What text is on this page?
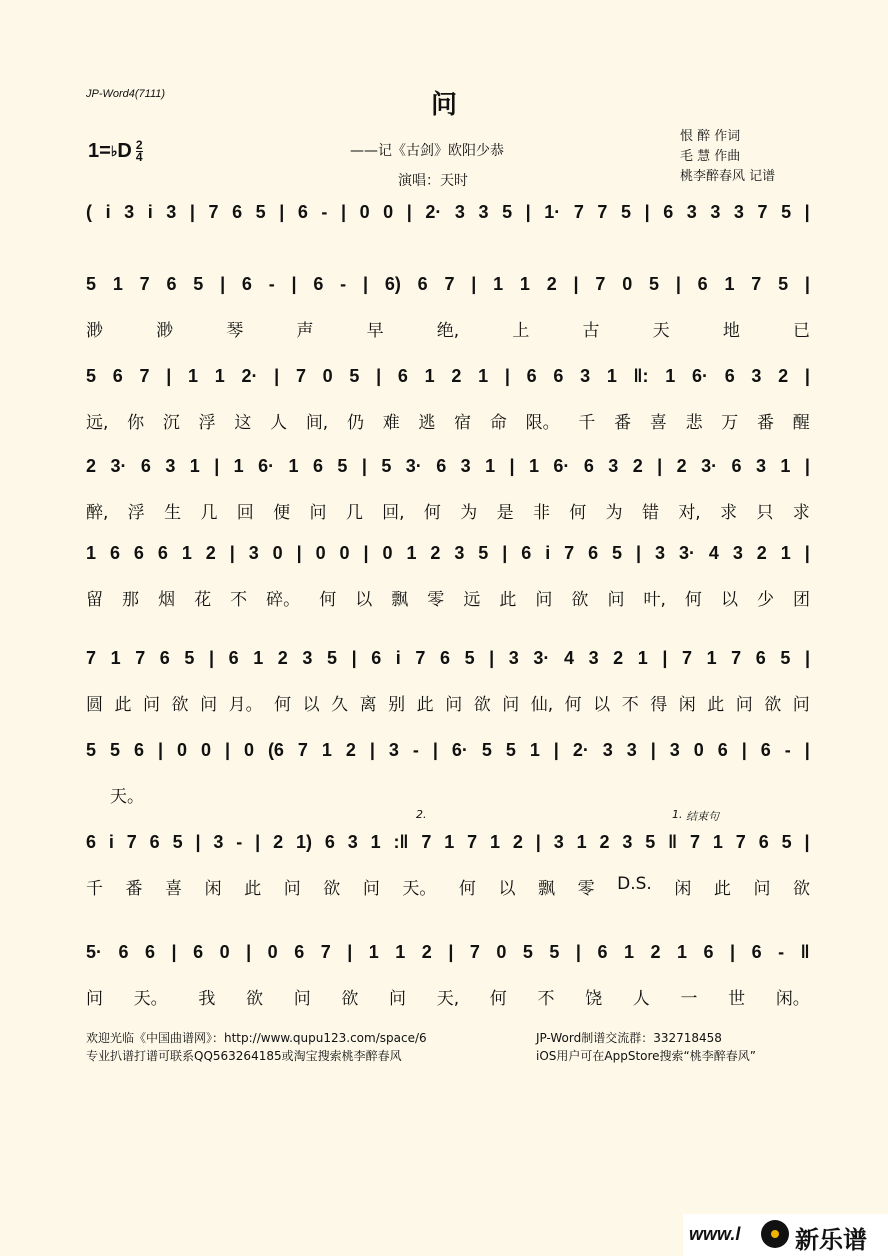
JP-Word4(7111)	问
1= ♭ D $\frac{2}{4}$	——记《古剑》欧阳少恭
演唱：天时
恨 醉 作词
毛 慧 作曲
桃李醉春风 记谱
( i 3 i 3 | 7 6 5 | 6 - | 0 0 | 2· 3 3 5 | 1· 7 7 5 | 6 3 3 3 7 5 |
5 1 7 6 5 | 6 - | 6 - | 6) 6 7 | 1 1 2 | 7 0 5 | 6 1 7 5 |
渺	渺	琴	声	早	绝,	上	古	天	地	已
5 6 7 | 1 1 2· | 7 0 5 | 6 1 2 1 | 6 6 3 1 ‖: 1 6· 6 3 2 |
远, 你 沉 浮 这 人 间, 仍 难 逃 宿 命 限。 千 番 喜 悲 万 番 醒
2 3· 6 3 1 | 1 6· 1 6 5 | 5 3· 6 3 1 | 1 6· 6 3 2 | 2 3· 6 3 1 |
醉, 浮 生 几 回 便 问 几 回, 何 为 是 非 何 为 错 对, 求 只 求
1 6 6 6 1 2 | 3 0 | 0 0 | 0 1 2 3 5 | 6 i 7 6 5 | 3 3· 4 3 2 1 |
留 那 烟 花 不 碎。 何 以 飘 零 远 此 问 欲 问 叶, 何 以 少 团
7 1 7 6 5 | 6 1 2 3 5 | 6 i 7 6 5 | 3 3· 4 3 2 1 | 7 1 7 6 5 |
圆 此 问 欲 问 月。 何 以 久 离 别 此 问 欲 问 仙, 何 以 不 得 闲 此 问 欲 问
5 5 6 | 0 0 | 0 (6 7 1 2 | 3 - | 6· 5 5 1 | 2· 3 3 | 3 0 6 | 6 - |
天。
6 i 7 6 5 | 3 - | 2 1) 6 3 1 :‖ 7 1 7 1 2 | 3 1 2 3 5 ‖ 7 1 7 6 5 |
千 番 喜 闲 此 问 欲 问 天。 何 以 飘 零 D.S. 闲 此 问 欲
1.
2.	结束句
5· 6 6 | 6 0 | 0 6 7 | 1 1 2 | 7 0 5 5 | 6 1 2 1 6 | 6 - ‖
问 天。 我 欲 问 欲 问 天, 何 不 饶 人 一 世 闲。
欢迎光临《中国曲谱网》：http://www.qupu123.com/space/6
专业扒谱打谱可联系QQ563264185或淘宝搜索桃李醉春风
JP-Word制谱交流群：332718458
iOS用户可在AppStore搜索“桃李醉春风”
www.l 新乐谱
